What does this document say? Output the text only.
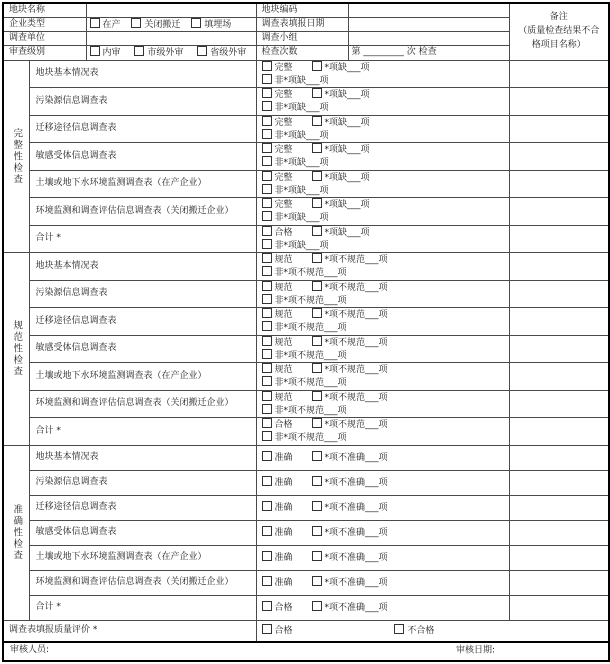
地块名称			地块编码		备注
（质量检查结果不合格项目名称）

企业类型		在产 关闭搬迁 填埋场	调查表填报日期		
调查单位			调查小组		
审查级别		内审 市级外审 省级外审	检查次数	第 _________ 次 检查	

完整性检查	地块基本情况表		完整 *项缺___项非*项缺___项		
	污染源信息调查表		完整 *项缺___项非*项缺___项		
	迁移途径信息调查表		完整 *项缺___项非*项缺___项		
	敏感受体信息调查表		完整 *项缺___项非*项缺___项		
	土壤或地下水环境监测调查表（在产企业）		完整 *项缺___项非*项缺___项		
	环境监测和调查评估信息调查表（关闭搬迁企业）		完整 *项缺___项非*项缺___项		
	合计 *		合格 *项缺___项非*项缺___项		

规范性检查	地块基本情况表		规范 *项不规范___项非*项不规范___项		
	污染源信息调查表		规范 *项不规范___项非*项不规范___项		
	迁移途径信息调查表		规范 *项不规范___项非*项不规范___项		
	敏感受体信息调查表		规范 *项不规范___项非*项不规范___项		
	土壤或地下水环境监测调查表（在产企业）		规范 *项不规范___项非*项不规范___项		
	环境监测和调查评估信息调查表（关闭搬迁企业）		规范 *项不规范___项非*项不规范___项		
	合计 *		合格 *项不规范___项非*项不规范___项		

准确性检查	地块基本情况表		准确 *项不准确___项		
	污染源信息调查表		准确 *项不准确___项		
	迁移途径信息调查表		准确 *项不准确___项		
	敏感受体信息调查表		准确 *项不准确___项		
	土壤或地下水环境监测调查表（在产企业）		准确 *项不准确___项		
	环境监测和调查评估信息调查表（关闭搬迁企业）		准确 *项不准确___项		
	合计 *		合格 *项不准确___项		
调查表填报质量评价 *			合格 不合格		
审核人员: 审核日期:					
